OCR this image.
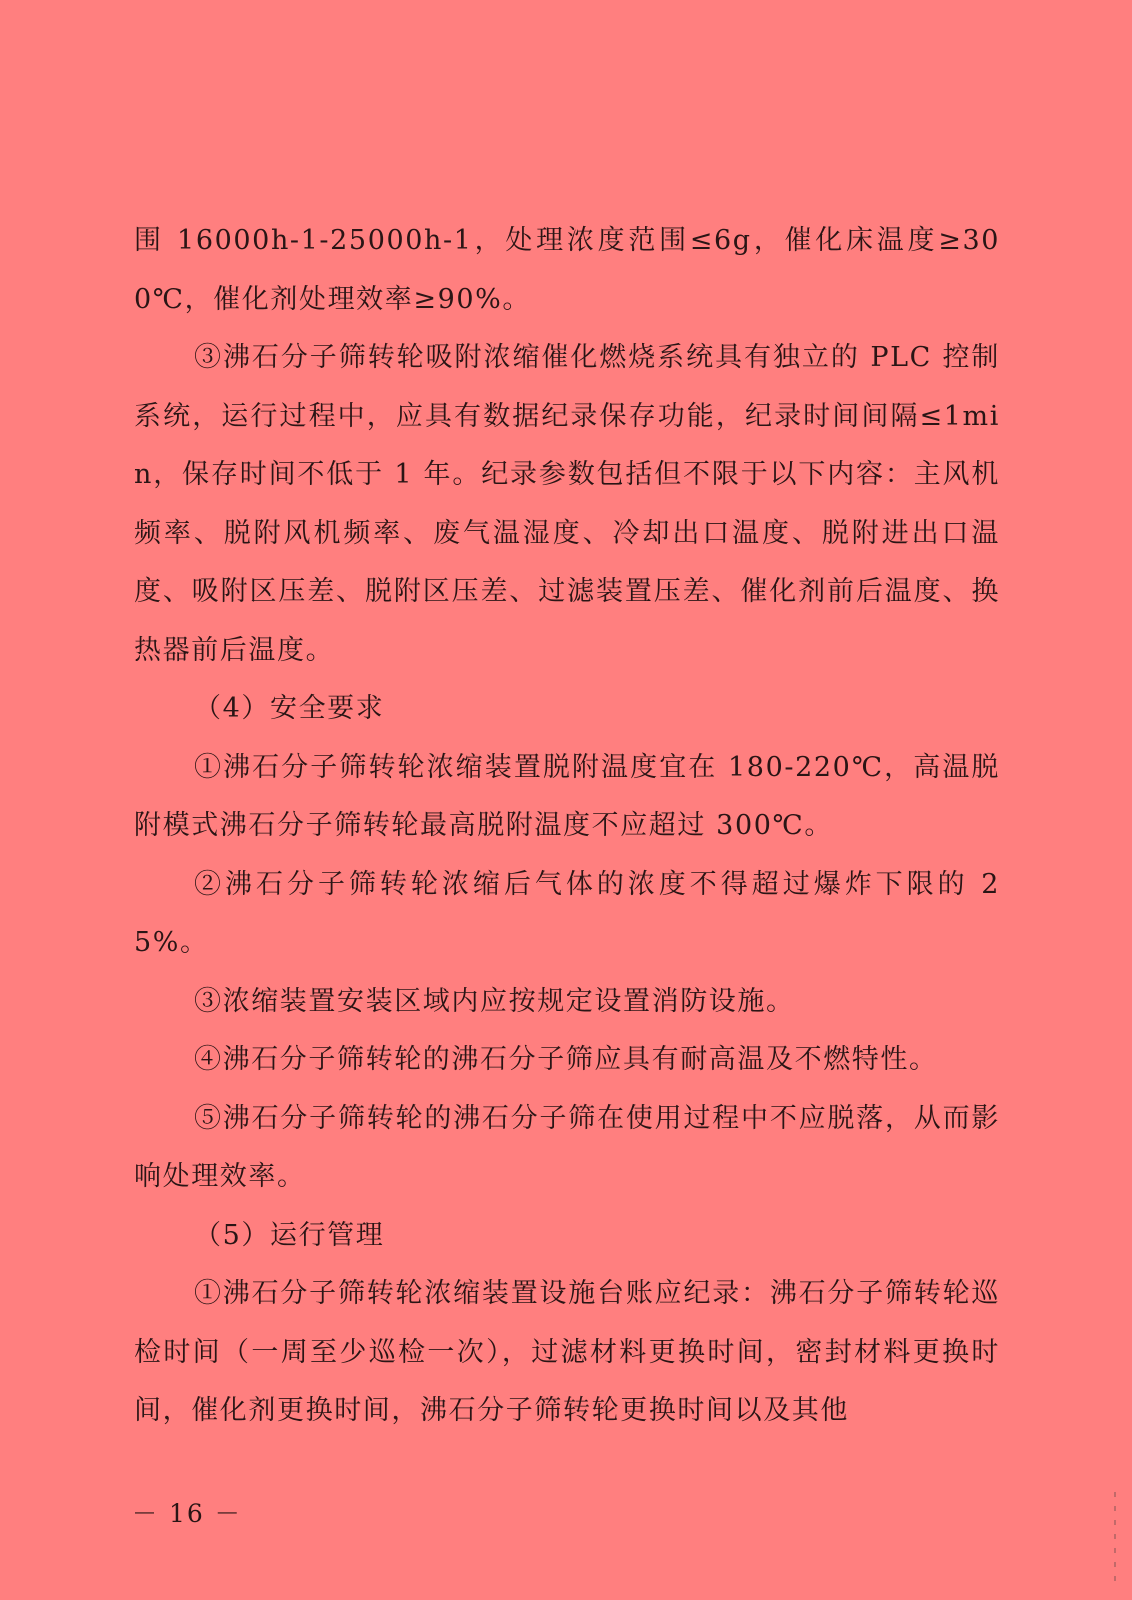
围 16000h-1-25000h-1，处理浓度范围≤6g，催化床温度≥300℃，催化剂处理效率≥90%。

③沸石分子筛转轮吸附浓缩催化燃烧系统具有独立的 PLC 控制系统，运行过程中，应具有数据纪录保存功能，纪录时间间隔≤1min，保存时间不低于 1 年。纪录参数包括但不限于以下内容：主风机频率、脱附风机频率、废气温湿度、冷却出口温度、脱附进出口温度、吸附区压差、脱附区压差、过滤装置压差、催化剂前后温度、换热器前后温度。

（4）安全要求

①沸石分子筛转轮浓缩装置脱附温度宜在 180-220℃，高温脱附模式沸石分子筛转轮最高脱附温度不应超过 300℃。

②沸石分子筛转轮浓缩后气体的浓度不得超过爆炸下限的 25%。

③浓缩装置安装区域内应按规定设置消防设施。

④沸石分子筛转轮的沸石分子筛应具有耐高温及不燃特性。

⑤沸石分子筛转轮的沸石分子筛在使用过程中不应脱落，从而影响处理效率。

（5）运行管理

①沸石分子筛转轮浓缩装置设施台账应纪录：沸石分子筛转轮巡检时间（一周至少巡检一次），过滤材料更换时间，密封材料更换时间，催化剂更换时间，沸石分子筛转轮更换时间以及其他

－ 16 －
